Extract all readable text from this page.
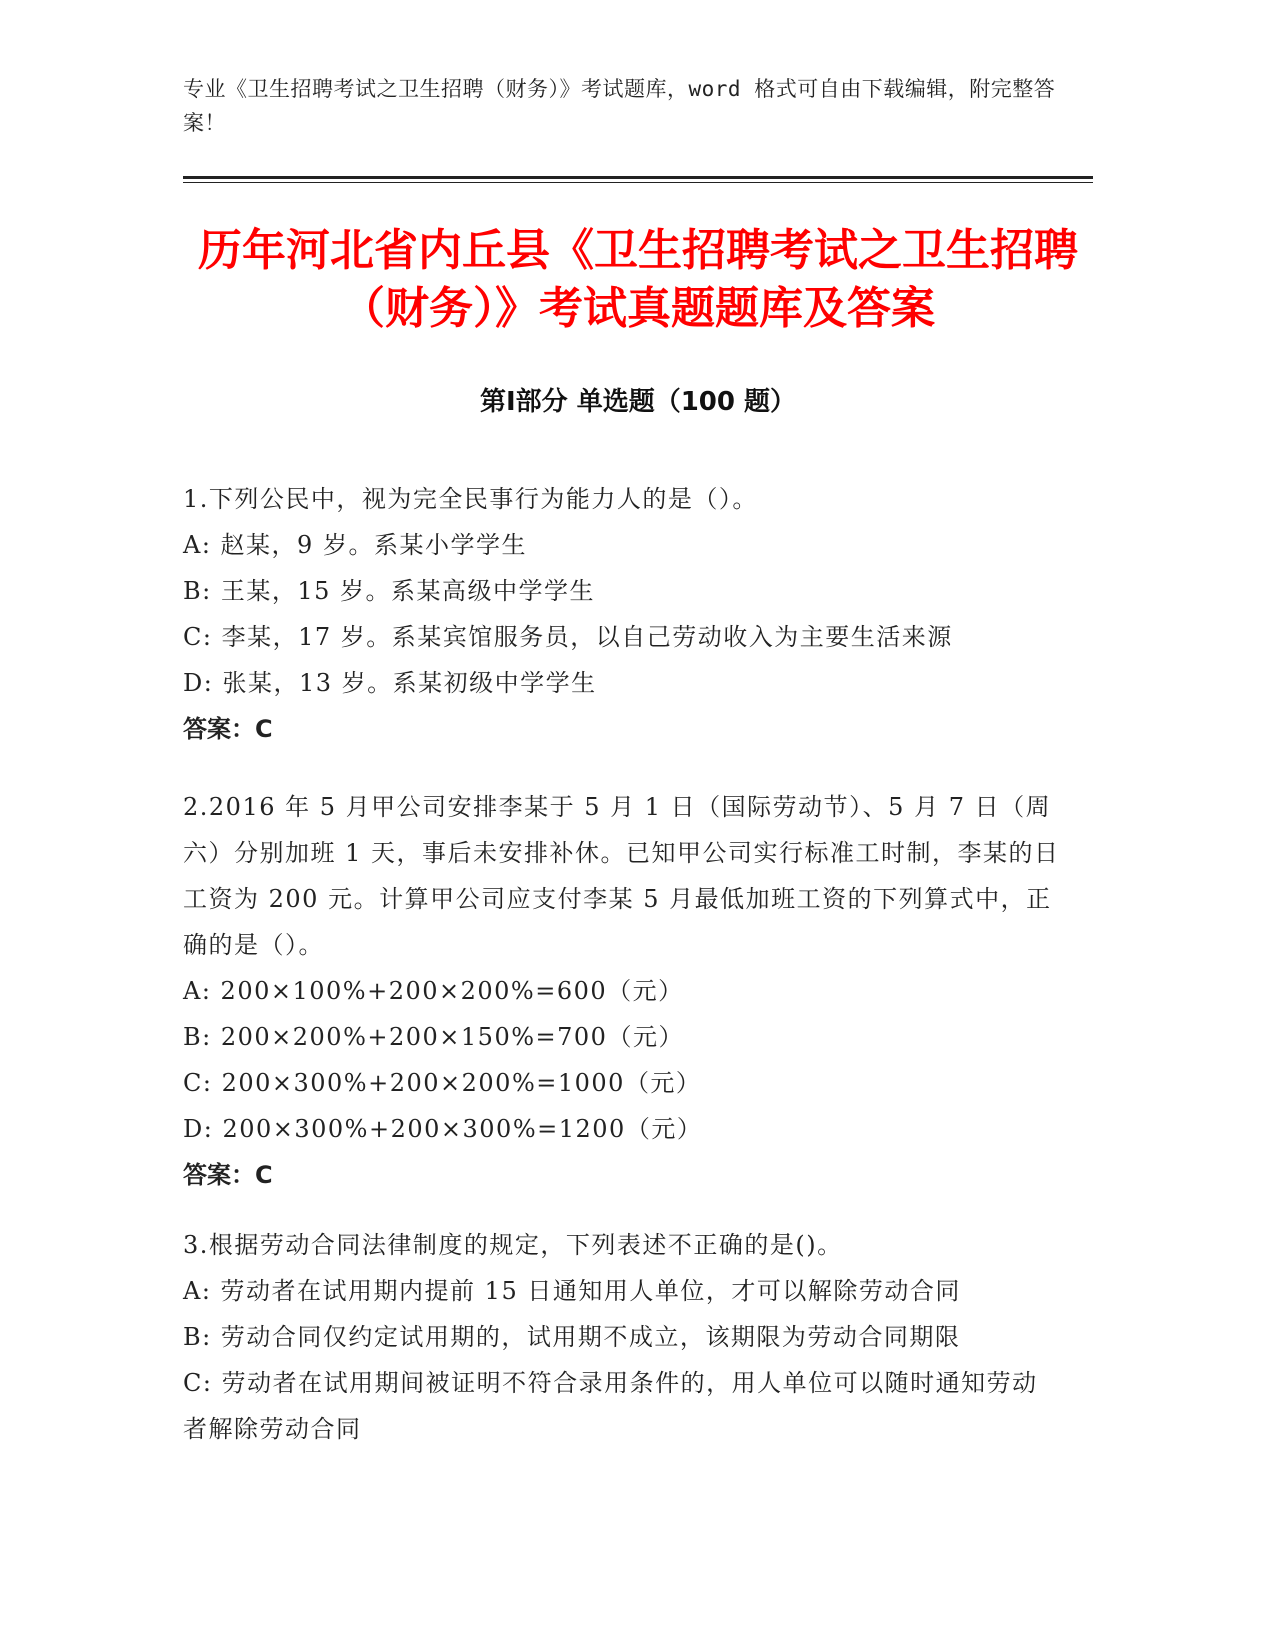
专业《卫生招聘考试之卫生招聘（财务）》考试题库，word 格式可自由下载编辑，附完整答案！
历年河北省内丘县《卫生招聘考试之卫生招聘（财务）》考试真题题库及答案
第Ⅰ部分 单选题（100 题）

1.下列公民中，视为完全民事行为能力人的是（）。

A: 赵某，9 岁。系某小学学生

B: 王某，15 岁。系某高级中学学生

C: 李某，17 岁。系某宾馆服务员，以自己劳动收入为主要生活来源

D: 张某，13 岁。系某初级中学学生

答案：C

2.2016 年 5 月甲公司安排李某于 5 月 1 日（国际劳动节）、5 月 7 日（周六）分别加班 1 天，事后未安排补休。已知甲公司实行标准工时制，李某的日工资为 200 元。计算甲公司应支付李某 5 月最低加班工资的下列算式中，正确的是（）。

A: 200×100%+200×200%=600（元）

B: 200×200%+200×150%=700（元）

C: 200×300%+200×200%=1000（元）

D: 200×300%+200×300%=1200（元）

答案：C

3.根据劳动合同法律制度的规定，下列表述不正确的是()。

A: 劳动者在试用期内提前 15 日通知用人单位，才可以解除劳动合同

B: 劳动合同仅约定试用期的，试用期不成立，该期限为劳动合同期限

C: 劳动者在试用期间被证明不符合录用条件的，用人单位可以随时通知劳动者解除劳动合同
